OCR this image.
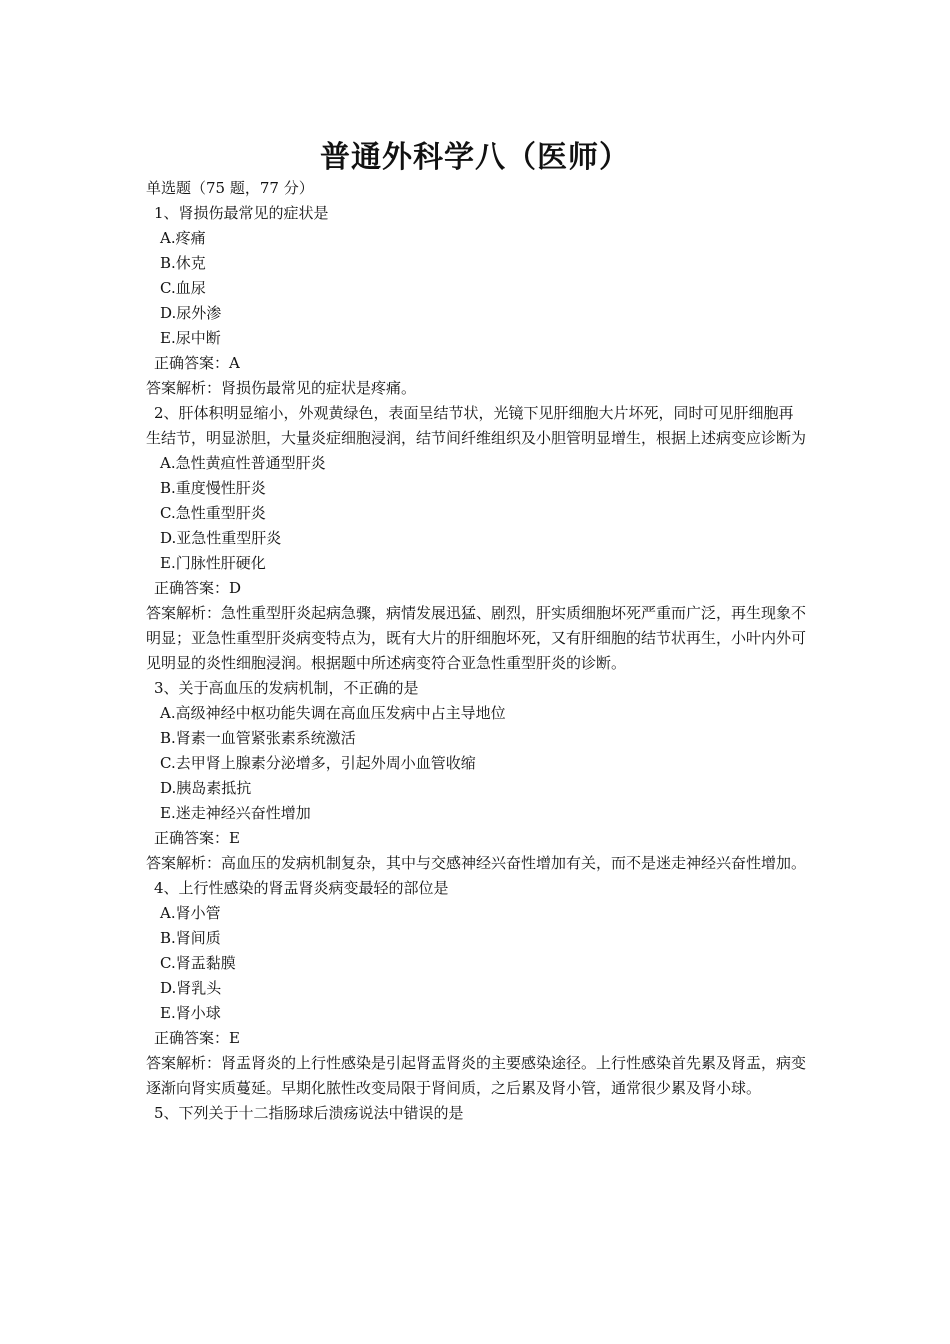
普通外科学八（医师）
单选题（75 题，77 分）
1、肾损伤最常见的症状是
A.疼痛
B.休克
C.血尿
D.尿外渗
E.尿中断
正确答案：A
答案解析：肾损伤最常见的症状是疼痛。
2、肝体积明显缩小，外观黄绿色，表面呈结节状，光镜下见肝细胞大片坏死，同时可见肝细胞再生结节，明显淤胆，大量炎症细胞浸润，结节间纤维组织及小胆管明显增生，根据上述病变应诊断为
A.急性黄疸性普通型肝炎
B.重度慢性肝炎
C.急性重型肝炎
D.亚急性重型肝炎
E.门脉性肝硬化
正确答案：D
答案解析：急性重型肝炎起病急骤，病情发展迅猛、剧烈，肝实质细胞坏死严重而广泛，再生现象不明显；亚急性重型肝炎病变特点为，既有大片的肝细胞坏死，又有肝细胞的结节状再生，小叶内外可见明显的炎性细胞浸润。根据题中所述病变符合亚急性重型肝炎的诊断。
3、关于高血压的发病机制，不正确的是
A.高级神经中枢功能失调在高血压发病中占主导地位
B.肾素一血管紧张素系统激活
C.去甲肾上腺素分泌增多，引起外周小血管收缩
D.胰岛素抵抗
E.迷走神经兴奋性增加
正确答案：E
答案解析：高血压的发病机制复杂，其中与交感神经兴奋性增加有关，而不是迷走神经兴奋性增加。
4、上行性感染的肾盂肾炎病变最轻的部位是
A.肾小管
B.肾间质
C.肾盂黏膜
D.肾乳头
E.肾小球
正确答案：E
答案解析：肾盂肾炎的上行性感染是引起肾盂肾炎的主要感染途径。上行性感染首先累及肾盂，病变逐渐向肾实质蔓延。早期化脓性改变局限于肾间质，之后累及肾小管，通常很少累及肾小球。
5、下列关于十二指肠球后溃疡说法中错误的是
